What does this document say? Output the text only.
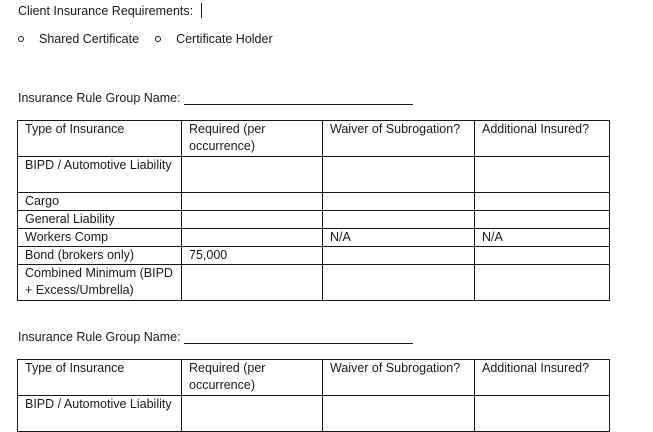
Client Insurance Requirements:
Shared Certificate	Certificate Holder
Insurance Rule Group Name:
Type of Insurance	Required (per occurrence)	Waiver of Subrogation?	Additional Insured?
BIPD / Automotive Liability			
Cargo			
General Liability			
Workers Comp		N/A	N/A
Bond (brokers only)	75,000		
Combined Minimum (BIPD + Excess/Umbrella)			
Insurance Rule Group Name:
Type of Insurance	Required (per occurrence)	Waiver of Subrogation?	Additional Insured?
BIPD / Automotive Liability			
